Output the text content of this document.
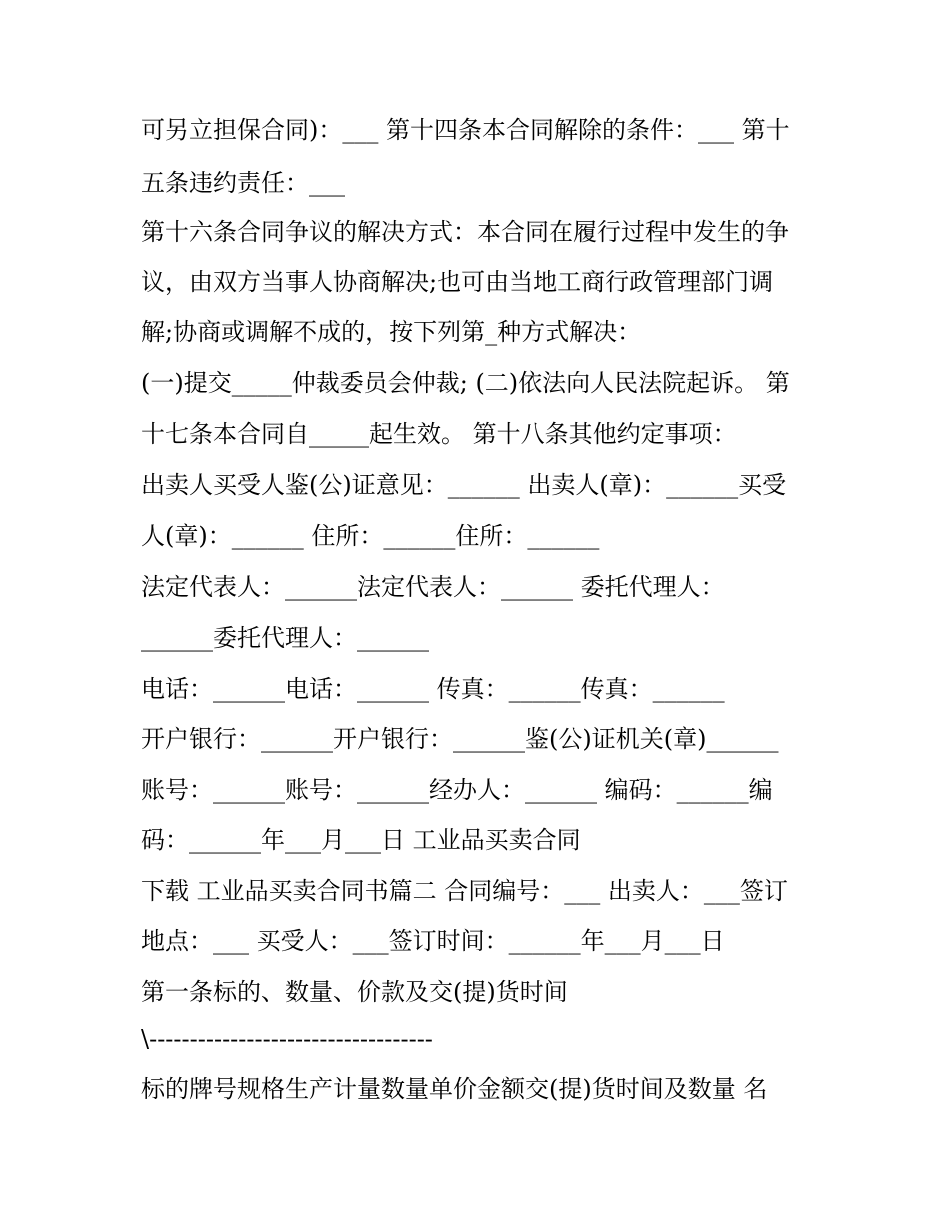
可另立担保合同)：___ 第十四条本合同解除的条件：___ 第十
五条违约责任：___
第十六条合同争议的解决方式：本合同在履行过程中发生的争
议，由双方当事人协商解决;也可由当地工商行政管理部门调
解;协商或调解不成的，按下列第_种方式解决：
(一)提交_____仲裁委员会仲裁; (二)依法向人民法院起诉。 第
十七条本合同自_____起生效。 第十八条其他约定事项：
出卖人买受人鉴(公)证意见：______ 出卖人(章)：______买受
人(章)：______ 住所：______住所：______
法定代表人：______法定代表人：______ 委托代理人：
______委托代理人：______
电话：______电话：______ 传真：______传真：______
开户银行：______开户银行：______鉴(公)证机关(章)______
账号：______账号：______经办人：______ 编码：______编
码：______年___月___日 工业品买卖合同
下载 工业品买卖合同书篇二 合同编号：___ 出卖人：___签订
地点：___ 买受人：___签订时间：______年___月___日
第一条标的、数量、价款及交(提)货时间
\-----------------------------------
标的牌号规格生产计量数量单价金额交(提)货时间及数量 名
